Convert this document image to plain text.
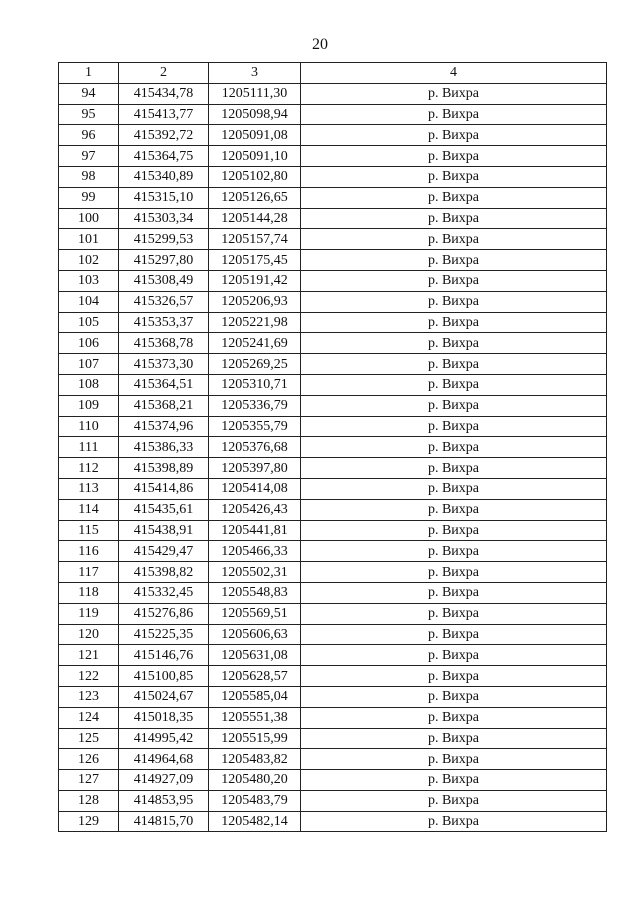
20
1	2	3	4
94	415434,78	1205111,30	р. Вихра
95	415413,77	1205098,94	р. Вихра
96	415392,72	1205091,08	р. Вихра
97	415364,75	1205091,10	р. Вихра
98	415340,89	1205102,80	р. Вихра
99	415315,10	1205126,65	р. Вихра
100	415303,34	1205144,28	р. Вихра
101	415299,53	1205157,74	р. Вихра
102	415297,80	1205175,45	р. Вихра
103	415308,49	1205191,42	р. Вихра
104	415326,57	1205206,93	р. Вихра
105	415353,37	1205221,98	р. Вихра
106	415368,78	1205241,69	р. Вихра
107	415373,30	1205269,25	р. Вихра
108	415364,51	1205310,71	р. Вихра
109	415368,21	1205336,79	р. Вихра
110	415374,96	1205355,79	р. Вихра
111	415386,33	1205376,68	р. Вихра
112	415398,89	1205397,80	р. Вихра
113	415414,86	1205414,08	р. Вихра
114	415435,61	1205426,43	р. Вихра
115	415438,91	1205441,81	р. Вихра
116	415429,47	1205466,33	р. Вихра
117	415398,82	1205502,31	р. Вихра
118	415332,45	1205548,83	р. Вихра
119	415276,86	1205569,51	р. Вихра
120	415225,35	1205606,63	р. Вихра
121	415146,76	1205631,08	р. Вихра
122	415100,85	1205628,57	р. Вихра
123	415024,67	1205585,04	р. Вихра
124	415018,35	1205551,38	р. Вихра
125	414995,42	1205515,99	р. Вихра
126	414964,68	1205483,82	р. Вихра
127	414927,09	1205480,20	р. Вихра
128	414853,95	1205483,79	р. Вихра
129	414815,70	1205482,14	р. Вихра
